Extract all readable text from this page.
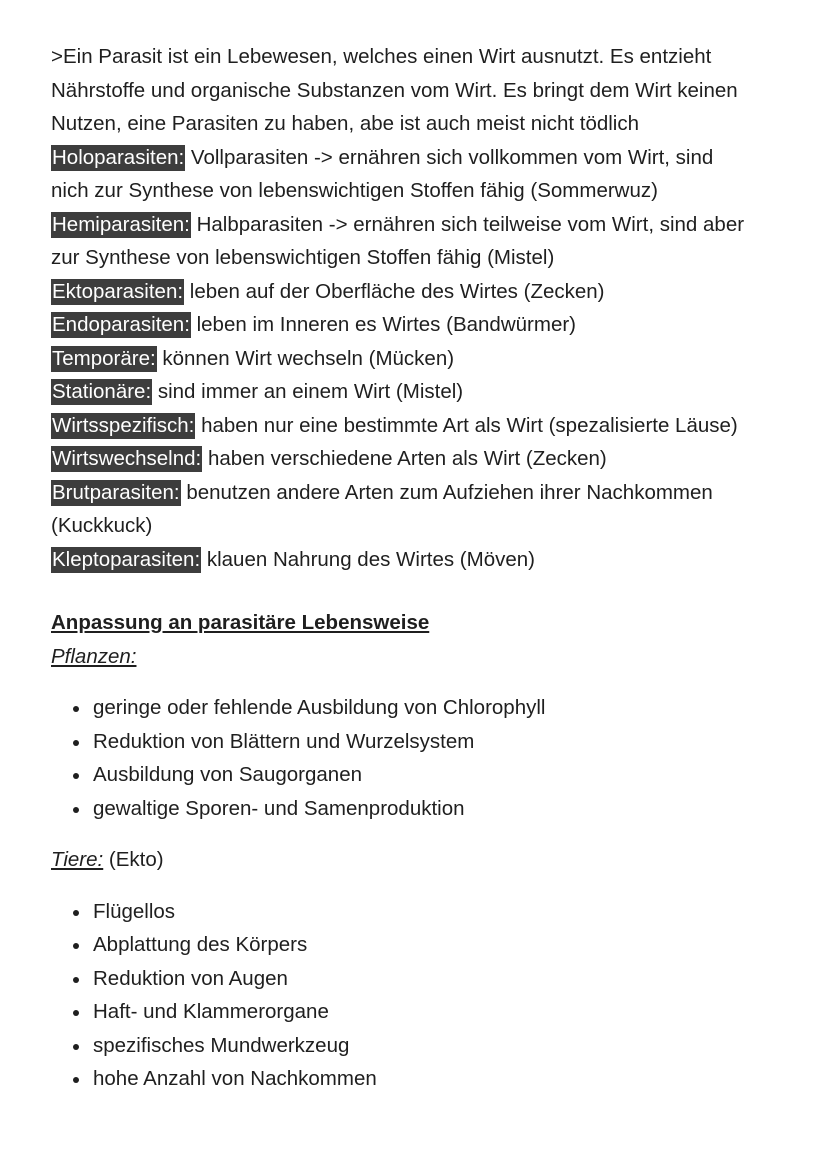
>Ein Parasit ist ein Lebewesen, welches einen Wirt ausnutzt. Es entzieht
Nährstoffe und organische Substanzen vom Wirt. Es bringt dem Wirt keinen
Nutzen, eine Parasiten zu haben, abe ist auch meist nicht tödlich
Holoparasiten: Vollparasiten -> ernähren sich vollkommen vom Wirt, sind
nich zur Synthese von lebenswichtigen Stoffen fähig (Sommerwuz)
Hemiparasiten: Halbparasiten -> ernähren sich teilweise vom Wirt, sind aber
zur Synthese von lebenswichtigen Stoffen fähig (Mistel)
Ektoparasiten: leben auf der Oberfläche des Wirtes (Zecken)
Endoparasiten: leben im Inneren es Wirtes (Bandwürmer)
Temporäre: können Wirt wechseln (Mücken)
Stationäre: sind immer an einem Wirt (Mistel)
Wirtsspezifisch: haben nur eine bestimmte Art als Wirt (spezalisierte Läuse)
Wirtswechselnd: haben verschiedene Arten als Wirt (Zecken)
Brutparasiten: benutzen andere Arten zum Aufziehen ihrer Nachkommen
(Kuckkuck)
Kleptoparasiten: klauen Nahrung des Wirtes (Möven)
Anpassung an parasitäre Lebensweise
Pflanzen:
geringe oder fehlende Ausbildung von Chlorophyll
Reduktion von Blättern und Wurzelsystem
Ausbildung von Saugorganen
gewaltige Sporen- und Samenproduktion
Tiere: (Ekto)
Flügellos
Abplattung des Körpers
Reduktion von Augen
Haft- und Klammerorgane
spezifisches Mundwerkzeug
hohe Anzahl von Nachkommen
